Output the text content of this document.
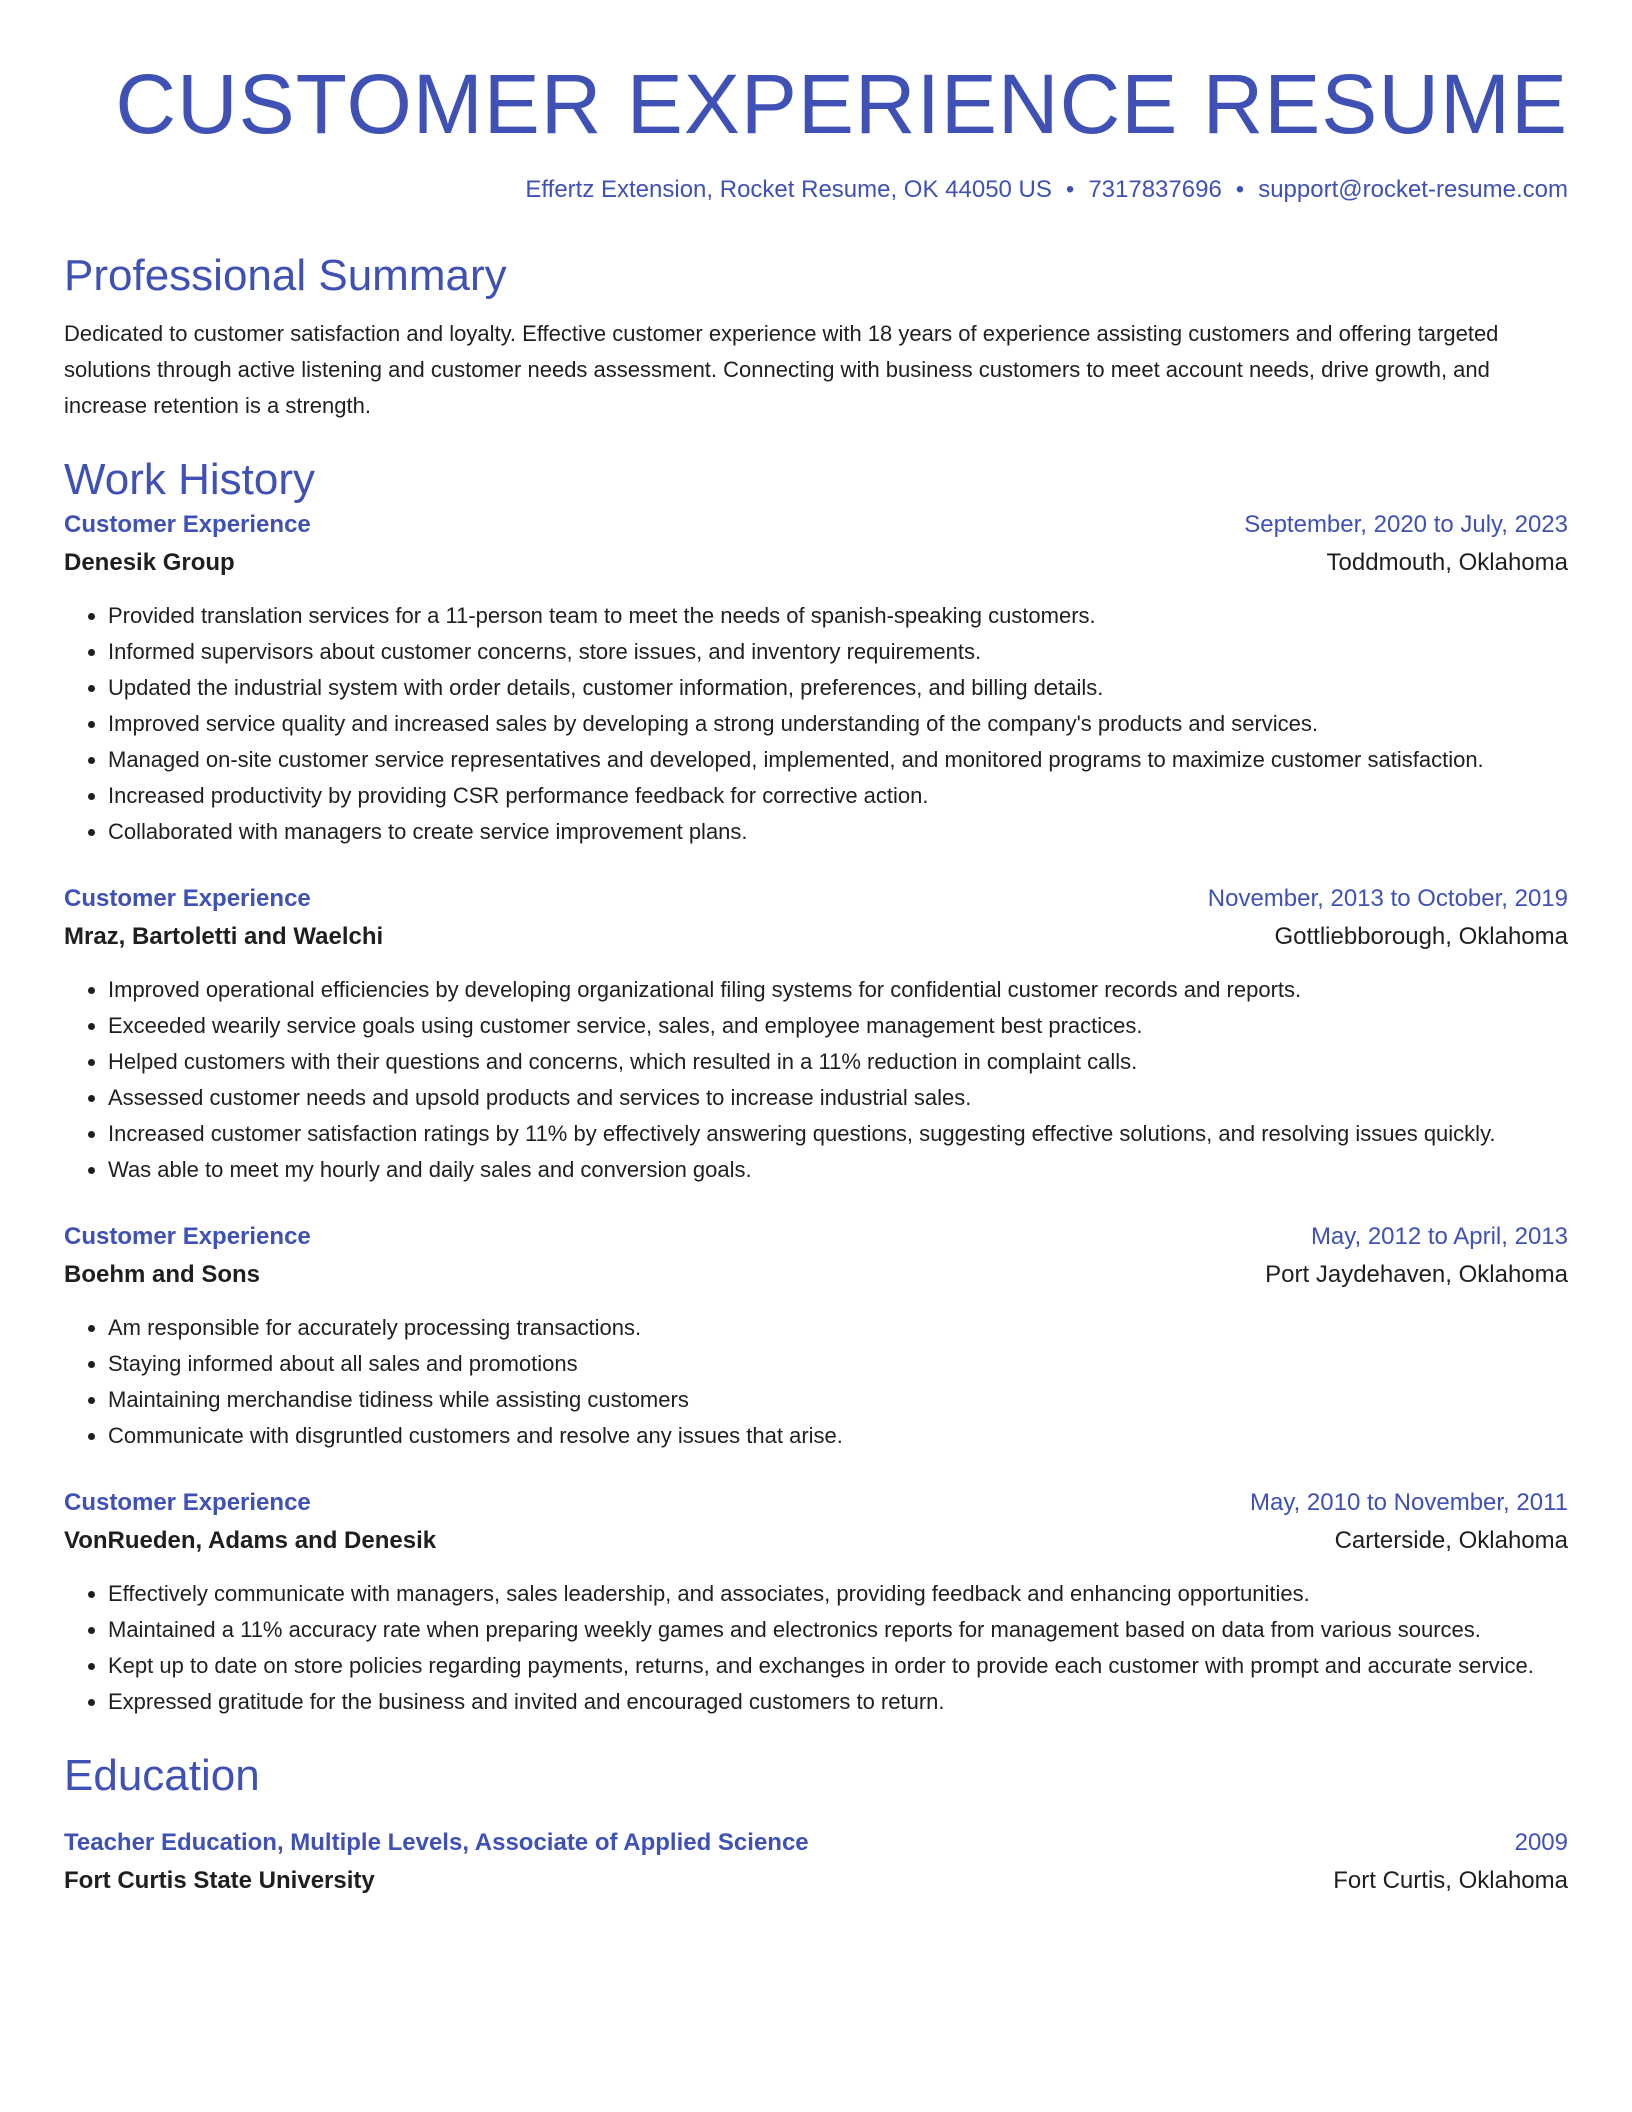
CUSTOMER EXPERIENCE RESUME
Effertz Extension, Rocket Resume, OK 44050 US • 7317837696 • support@rocket-resume.com
Professional Summary
Dedicated to customer satisfaction and loyalty. Effective customer experience with 18 years of experience assisting customers and offering targeted solutions through active listening and customer needs assessment. Connecting with business customers to meet account needs, drive growth, and increase retention is a strength.
Work History
Customer Experience	September, 2020 to July, 2023
Denesik Group	Toddmouth, Oklahoma
• Provided translation services for a 11-person team to meet the needs of spanish-speaking customers.
• Informed supervisors about customer concerns, store issues, and inventory requirements.
• Updated the industrial system with order details, customer information, preferences, and billing details.
• Improved service quality and increased sales by developing a strong understanding of the company's products and services.
• Managed on-site customer service representatives and developed, implemented, and monitored programs to maximize customer satisfaction.
• Increased productivity by providing CSR performance feedback for corrective action.
• Collaborated with managers to create service improvement plans.
Customer Experience	November, 2013 to October, 2019
Mraz, Bartoletti and Waelchi	Gottliebborough, Oklahoma
• Improved operational efficiencies by developing organizational filing systems for confidential customer records and reports.
• Exceeded wearily service goals using customer service, sales, and employee management best practices.
• Helped customers with their questions and concerns, which resulted in a 11% reduction in complaint calls.
• Assessed customer needs and upsold products and services to increase industrial sales.
• Increased customer satisfaction ratings by 11% by effectively answering questions, suggesting effective solutions, and resolving issues quickly.
• Was able to meet my hourly and daily sales and conversion goals.
Customer Experience	May, 2012 to April, 2013
Boehm and Sons	Port Jaydehaven, Oklahoma
• Am responsible for accurately processing transactions.
• Staying informed about all sales and promotions
• Maintaining merchandise tidiness while assisting customers
• Communicate with disgruntled customers and resolve any issues that arise.
Customer Experience	May, 2010 to November, 2011
VonRueden, Adams and Denesik	Carterside, Oklahoma
• Effectively communicate with managers, sales leadership, and associates, providing feedback and enhancing opportunities.
• Maintained a 11% accuracy rate when preparing weekly games and electronics reports for management based on data from various sources.
• Kept up to date on store policies regarding payments, returns, and exchanges in order to provide each customer with prompt and accurate service.
• Expressed gratitude for the business and invited and encouraged customers to return.
Education
Teacher Education, Multiple Levels, Associate of Applied Science	2009
Fort Curtis State University	Fort Curtis, Oklahoma
